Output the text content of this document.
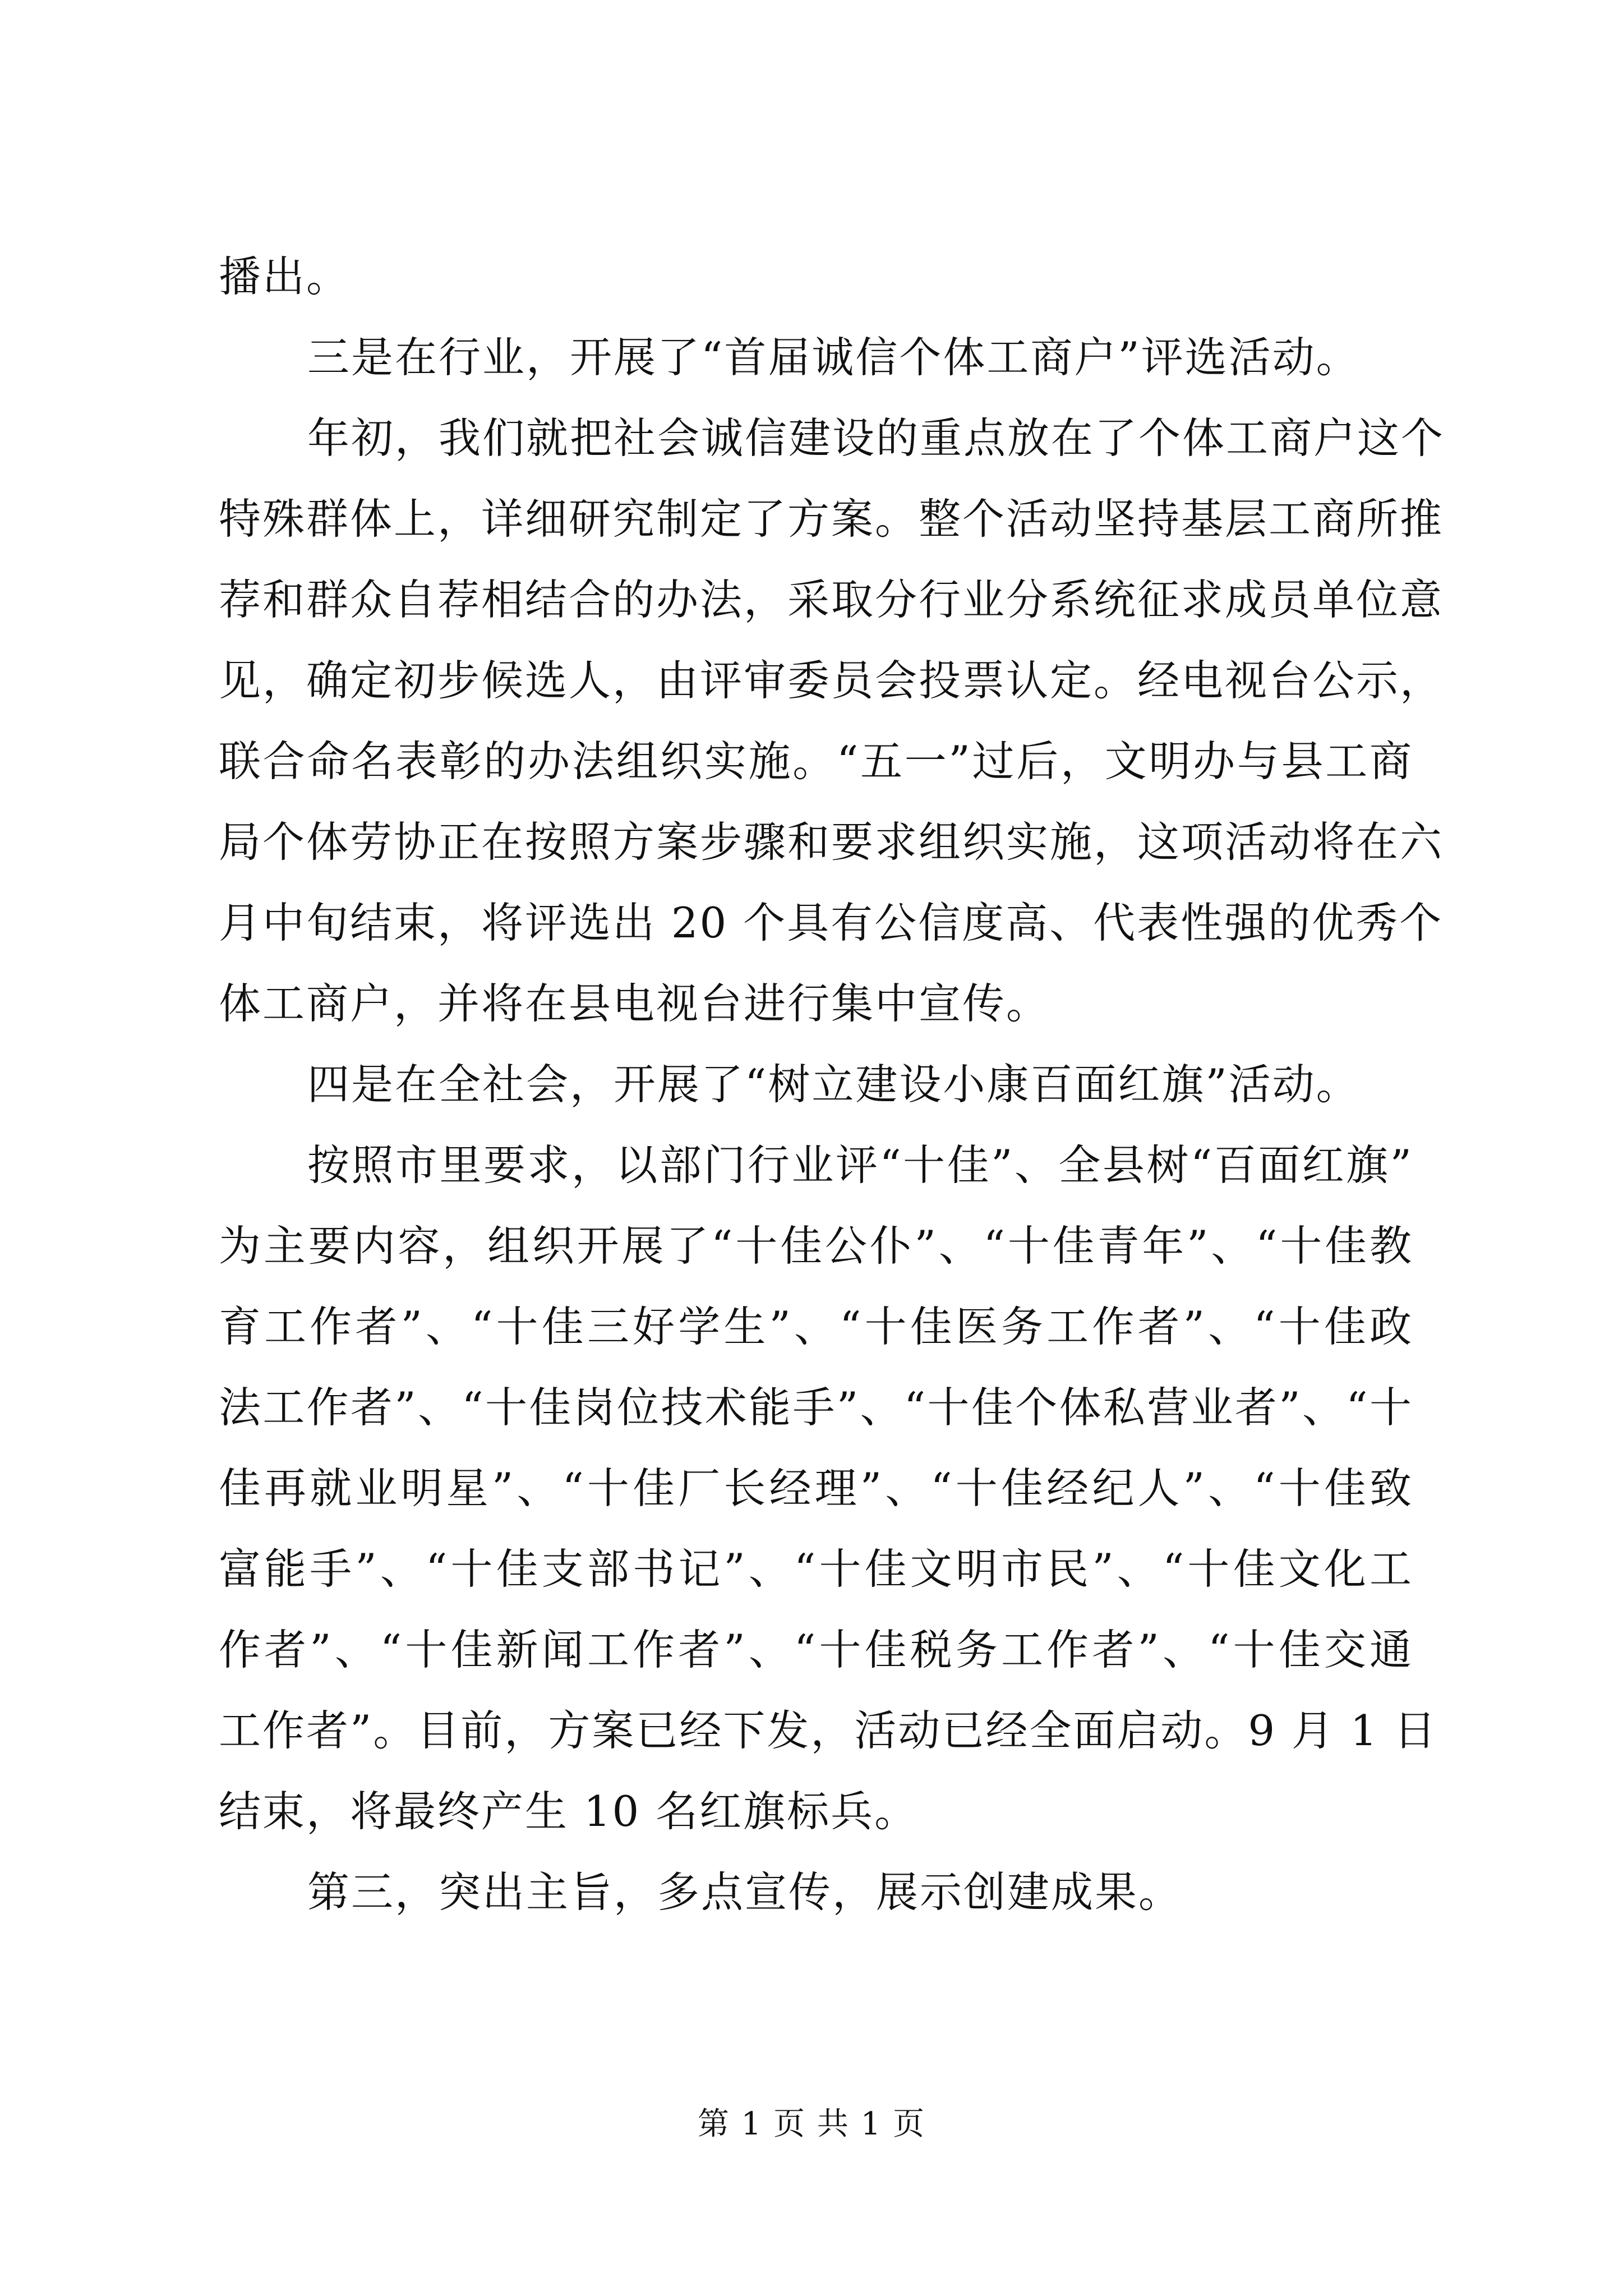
播出。
三是在行业，开展了“首届诚信个体工商户”评选活动。
年初，我们就把社会诚信建设的重点放在了个体工商户这个
特殊群体上，详细研究制定了方案。整个活动坚持基层工商所推
荐和群众自荐相结合的办法，采取分行业分系统征求成员单位意
见，确定初步候选人，由评审委员会投票认定。经电视台公示，
联合命名表彰的办法组织实施。“五一”过后，文明办与县工商
局个体劳协正在按照方案步骤和要求组织实施，这项活动将在六
月中旬结束，将评选出 20 个具有公信度高、代表性强的优秀个
体工商户，并将在县电视台进行集中宣传。
四是在全社会，开展了“树立建设小康百面红旗”活动。
按照市里要求，以部门行业评“十佳”、全县树“百面红旗”
为主要内容，组织开展了“十佳公仆”、“十佳青年”、“十佳教
育工作者”、“十佳三好学生”、“十佳医务工作者”、“十佳政
法工作者”、“十佳岗位技术能手”、“十佳个体私营业者”、“十
佳再就业明星”、“十佳厂长经理”、“十佳经纪人”、“十佳致
富能手”、“十佳支部书记”、“十佳文明市民”、“十佳文化工
作者”、“十佳新闻工作者”、“十佳税务工作者”、“十佳交通
工作者”。目前，方案已经下发，活动已经全面启动。9 月 1 日
结束，将最终产生 10 名红旗标兵。
第三，突出主旨，多点宣传，展示创建成果。
第 1 页 共 1 页
